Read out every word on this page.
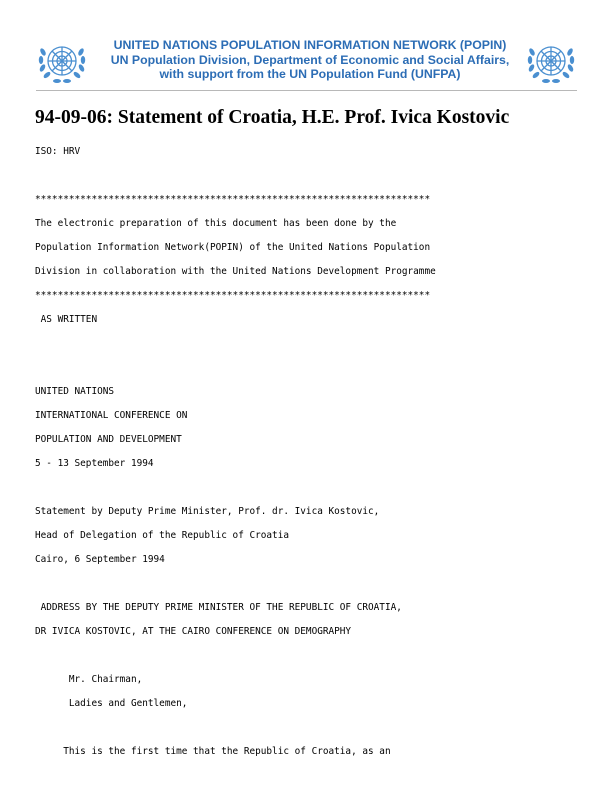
UNITED NATIONS POPULATION INFORMATION NETWORK (POPIN)
UN Population Division, Department of Economic and Social Affairs,
with support from the UN Population Fund (UNFPA)
94-09-06: Statement of Croatia, H.E. Prof. Ivica Kostovic
ISO: HRV
**********************************************************************
The electronic preparation of this document has been done by the
Population Information Network(POPIN) of the United Nations Population
Division in collaboration with the United Nations Development Programme
**********************************************************************
AS WRITTEN
UNITED NATIONS
INTERNATIONAL CONFERENCE ON
POPULATION AND DEVELOPMENT
5 - 13 September 1994
Statement by Deputy Prime Minister, Prof. dr. Ivica Kostovic,
Head of Delegation of the Republic of Croatia
Cairo, 6 September 1994
ADDRESS BY THE DEPUTY PRIME MINISTER OF THE REPUBLIC OF CROATIA,
DR IVICA KOSTOVIC, AT THE CAIRO CONFERENCE ON DEMOGRAPHY
Mr. Chairman,
Ladies and Gentlemen,
This is the first time that the Republic of Croatia, as an
